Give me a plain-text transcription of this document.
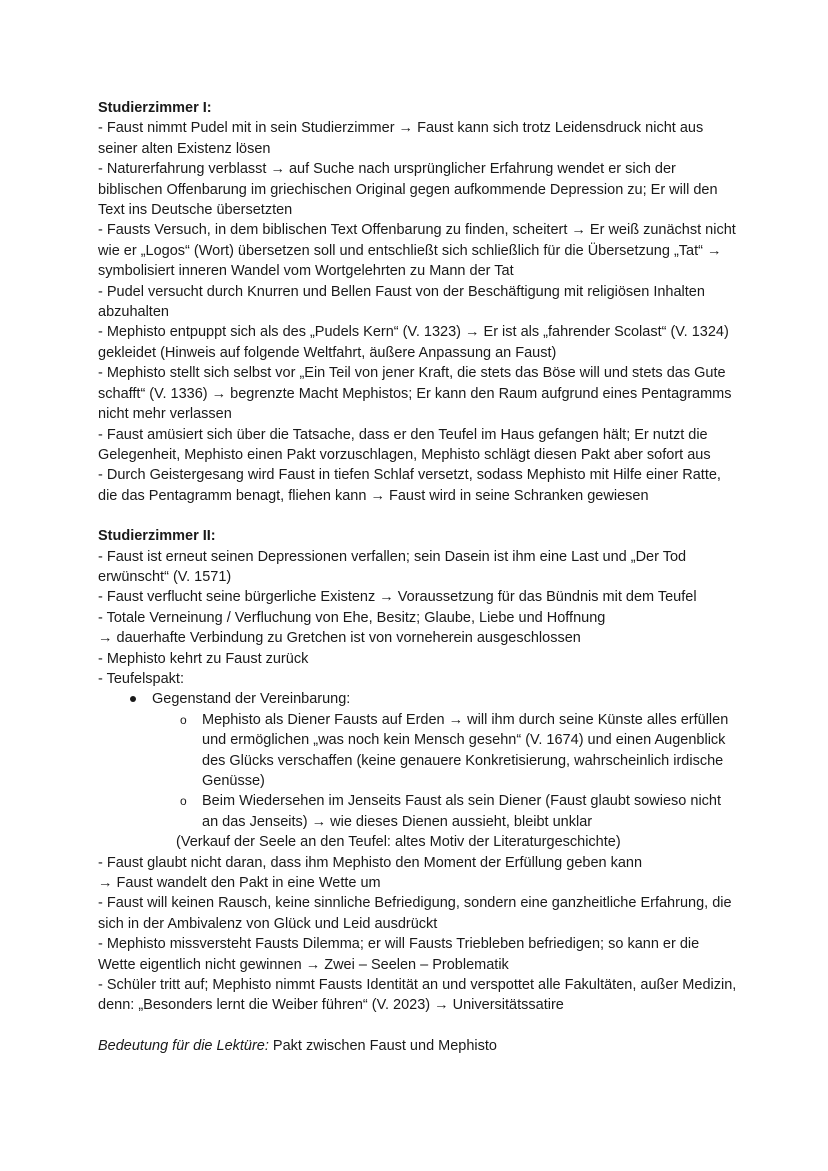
Studierzimmer I:

- Faust nimmt Pudel mit in sein Studierzimmer → Faust kann sich trotz Leidensdruck nicht aus seiner alten Existenz lösen

- Naturerfahrung verblasst → auf Suche nach ursprünglicher Erfahrung wendet er sich der biblischen Offenbarung im griechischen Original gegen aufkommende Depression zu; Er will den Text ins Deutsche übersetzten

- Fausts Versuch, in dem biblischen Text Offenbarung zu finden, scheitert → Er weiß zunächst nicht wie er „Logos“ (Wort) übersetzen soll und entschließt sich schließlich für die Übersetzung „Tat“ → symbolisiert inneren Wandel vom Wortgelehrten zu Mann der Tat

- Pudel versucht durch Knurren und Bellen Faust von der Beschäftigung mit religiösen Inhalten abzuhalten

- Mephisto entpuppt sich als des „Pudels Kern“ (V. 1323) → Er ist als „fahrender Scolast“ (V. 1324) gekleidet (Hinweis auf folgende Weltfahrt, äußere Anpassung an Faust)

- Mephisto stellt sich selbst vor „Ein Teil von jener Kraft, die stets das Böse will und stets das Gute schafft“ (V. 1336) → begrenzte Macht Mephistos; Er kann den Raum aufgrund eines Pentagramms nicht mehr verlassen

- Faust amüsiert sich über die Tatsache, dass er den Teufel im Haus gefangen hält; Er nutzt die Gelegenheit, Mephisto einen Pakt vorzuschlagen, Mephisto schlägt diesen Pakt aber sofort aus

- Durch Geistergesang wird Faust in tiefen Schlaf versetzt, sodass Mephisto mit Hilfe einer Ratte, die das Pentagramm benagt, fliehen kann → Faust wird in seine Schranken gewiesen

Studierzimmer II:

- Faust ist erneut seinen Depressionen verfallen; sein Dasein ist ihm eine Last und „Der Tod erwünscht“ (V. 1571)

- Faust verflucht seine bürgerliche Existenz → Voraussetzung für das Bündnis mit dem Teufel

- Totale Verneinung / Verfluchung von Ehe, Besitz; Glaube, Liebe und Hoffnung

→ dauerhafte Verbindung zu Gretchen ist von vorneherein ausgeschlossen

- Mephisto kehrt zu Faust zurück

- Teufelspakt:

Gegenstand der Vereinbarung:
o Mephisto als Diener Fausts auf Erden → will ihm durch seine Künste alles erfüllen und ermöglichen „was noch kein Mensch gesehn“ (V. 1674) und einen Augenblick des Glücks verschaffen (keine genauere Konkretisierung, wahrscheinlich irdische Genüsse)
o Beim Wiedersehen im Jenseits Faust als sein Diener (Faust glaubt sowieso nicht an das Jenseits) → wie dieses Dienen aussieht, bleibt unklar

(Verkauf der Seele an den Teufel: altes Motiv der Literaturgeschichte)

- Faust glaubt nicht daran, dass ihm Mephisto den Moment der Erfüllung geben kann

→ Faust wandelt den Pakt in eine Wette um

- Faust will keinen Rausch, keine sinnliche Befriedigung, sondern eine ganzheitliche Erfahrung, die sich in der Ambivalenz von Glück und Leid ausdrückt

- Mephisto missversteht Fausts Dilemma; er will Fausts Triebleben befriedigen; so kann er die Wette eigentlich nicht gewinnen → Zwei – Seelen – Problematik

- Schüler tritt auf; Mephisto nimmt Fausts Identität an und verspottet alle Fakultäten, außer Medizin, denn: „Besonders lernt die Weiber führen“ (V. 2023) → Universitätssatire

Bedeutung für die Lektüre: Pakt zwischen Faust und Mephisto
